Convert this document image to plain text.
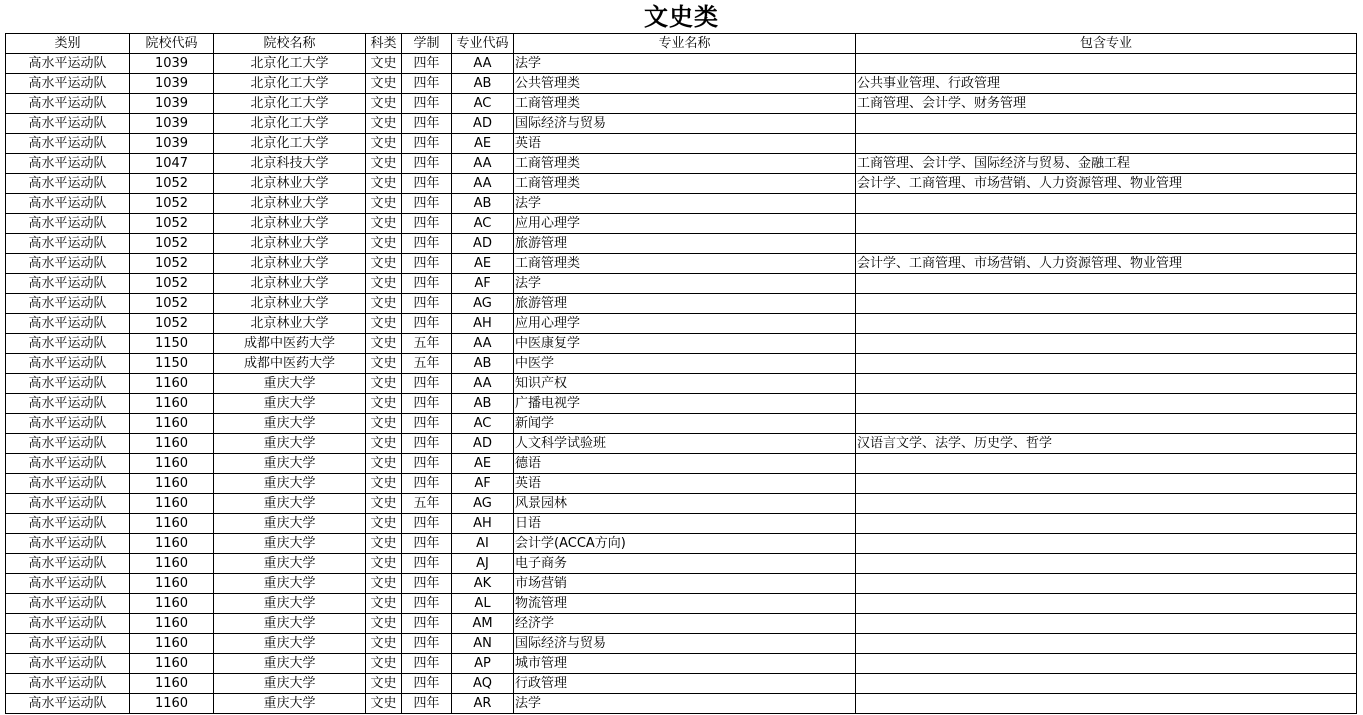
文史类
类别	院校代码	院校名称	科类	学制	专业代码	专业名称	包含专业
高水平运动队	1039	北京化工大学	文史	四年	AA	法学	
高水平运动队	1039	北京化工大学	文史	四年	AB	公共管理类	公共事业管理、行政管理
高水平运动队	1039	北京化工大学	文史	四年	AC	工商管理类	工商管理、会计学、财务管理
高水平运动队	1039	北京化工大学	文史	四年	AD	国际经济与贸易	
高水平运动队	1039	北京化工大学	文史	四年	AE	英语	
高水平运动队	1047	北京科技大学	文史	四年	AA	工商管理类	工商管理、会计学、国际经济与贸易、金融工程
高水平运动队	1052	北京林业大学	文史	四年	AA	工商管理类	会计学、工商管理、市场营销、人力资源管理、物业管理
高水平运动队	1052	北京林业大学	文史	四年	AB	法学	
高水平运动队	1052	北京林业大学	文史	四年	AC	应用心理学	
高水平运动队	1052	北京林业大学	文史	四年	AD	旅游管理	
高水平运动队	1052	北京林业大学	文史	四年	AE	工商管理类	会计学、工商管理、市场营销、人力资源管理、物业管理
高水平运动队	1052	北京林业大学	文史	四年	AF	法学	
高水平运动队	1052	北京林业大学	文史	四年	AG	旅游管理	
高水平运动队	1052	北京林业大学	文史	四年	AH	应用心理学	
高水平运动队	1150	成都中医药大学	文史	五年	AA	中医康复学	
高水平运动队	1150	成都中医药大学	文史	五年	AB	中医学	
高水平运动队	1160	重庆大学	文史	四年	AA	知识产权	
高水平运动队	1160	重庆大学	文史	四年	AB	广播电视学	
高水平运动队	1160	重庆大学	文史	四年	AC	新闻学	
高水平运动队	1160	重庆大学	文史	四年	AD	人文科学试验班	汉语言文学、法学、历史学、哲学
高水平运动队	1160	重庆大学	文史	四年	AE	德语	
高水平运动队	1160	重庆大学	文史	四年	AF	英语	
高水平运动队	1160	重庆大学	文史	五年	AG	风景园林	
高水平运动队	1160	重庆大学	文史	四年	AH	日语	
高水平运动队	1160	重庆大学	文史	四年	AI	会计学(ACCA方向)	
高水平运动队	1160	重庆大学	文史	四年	AJ	电子商务	
高水平运动队	1160	重庆大学	文史	四年	AK	市场营销	
高水平运动队	1160	重庆大学	文史	四年	AL	物流管理	
高水平运动队	1160	重庆大学	文史	四年	AM	经济学	
高水平运动队	1160	重庆大学	文史	四年	AN	国际经济与贸易	
高水平运动队	1160	重庆大学	文史	四年	AP	城市管理	
高水平运动队	1160	重庆大学	文史	四年	AQ	行政管理	
高水平运动队	1160	重庆大学	文史	四年	AR	法学	
